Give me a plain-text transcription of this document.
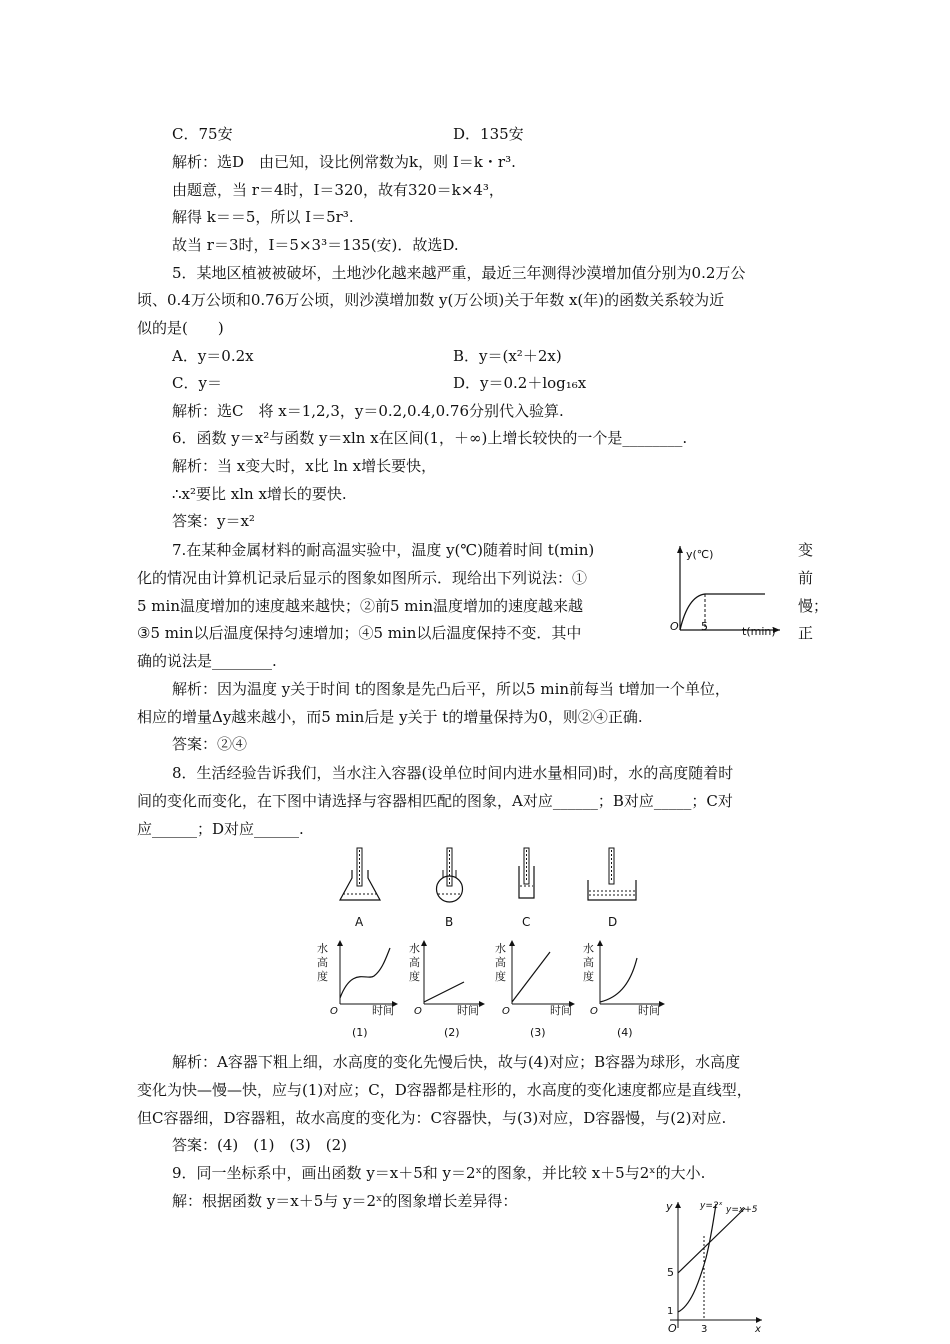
C．75安	D．135安
解析：选D　由已知，设比例常数为k，则 I＝k・r³.
由题意，当 r＝4时，I＝320，故有320＝k×4³，
解得 k＝＝5，所以 I＝5r³.
故当 r＝3时，I＝5×3³＝135(安)．故选D.
5．某地区植被被破坏，土地沙化越来越严重，最近三年测得沙漠增加值分别为0.2万公
顷、0.4万公顷和0.76万公顷，则沙漠增加数 y(万公顷)关于年数 x(年)的函数关系较为近
似的是(　　)
A．y＝0.2x	B．y＝(x²＋2x)
C．y＝	D．y＝0.2＋log₁₆x
解析：选C　将 x＝1,2,3，y＝0.2,0.4,0.76分别代入验算.
6．函数 y＝x²与函数 y＝xln x在区间(1，＋∞)上增长较快的一个是________.
解析：当 x变大时，x比 ln x增长要快，
∴x²要比 xln x增长的要快.
答案：y＝x²
7.在某种金属材料的耐高温实验中，温度 y(℃)随着时间 t(min)
化的情况由计算机记录后显示的图象如图所示．现给出下列说法：①
5 min温度增加的速度越来越快；②前5 min温度增加的速度越来越
③5 min以后温度保持匀速增加；④5 min以后温度保持不变．其中
确的说法是________.
变
前
慢；
正
y(℃)
t(min)
O 5
解析：因为温度 y关于时间 t的图象是先凸后平，所以5 min前每当 t增加一个单位，
相应的增量Δy越来越小，而5 min后是 y关于 t的增量保持为0，则②④正确.
答案：②④
8．生活经验告诉我们，当水注入容器(设单位时间内进水量相同)时，水的高度随着时
间的变化而变化，在下图中请选择与容器相匹配的图象，A对应______；B对应_____；C对
应______；D对应______.
A	B	C	D
水
高
度
O	时间
(1)
水
高
度
O	时间
(2)
水
高
度
O	时间
(3)
水
高
度
O	时间
(4)
解析：A容器下粗上细，水高度的变化先慢后快，故与(4)对应；B容器为球形，水高度
变化为快—慢—快，应与(1)对应；C，D容器都是柱形的，水高度的变化速度都应是直线型，
但C容器细，D容器粗，故水高度的变化为：C容器快，与(3)对应，D容器慢，与(2)对应.
答案：(4)　(1)　(3)　(2)
9．同一坐标系中，画出函数 y＝x＋5和 y＝2ˣ的图象，并比较 x＋5与2ˣ的大小.
解：根据函数 y＝x＋5与 y＝2ˣ的图象增长差异得：	y
x
O
y=2ˣ y=x+5
5
1
3
